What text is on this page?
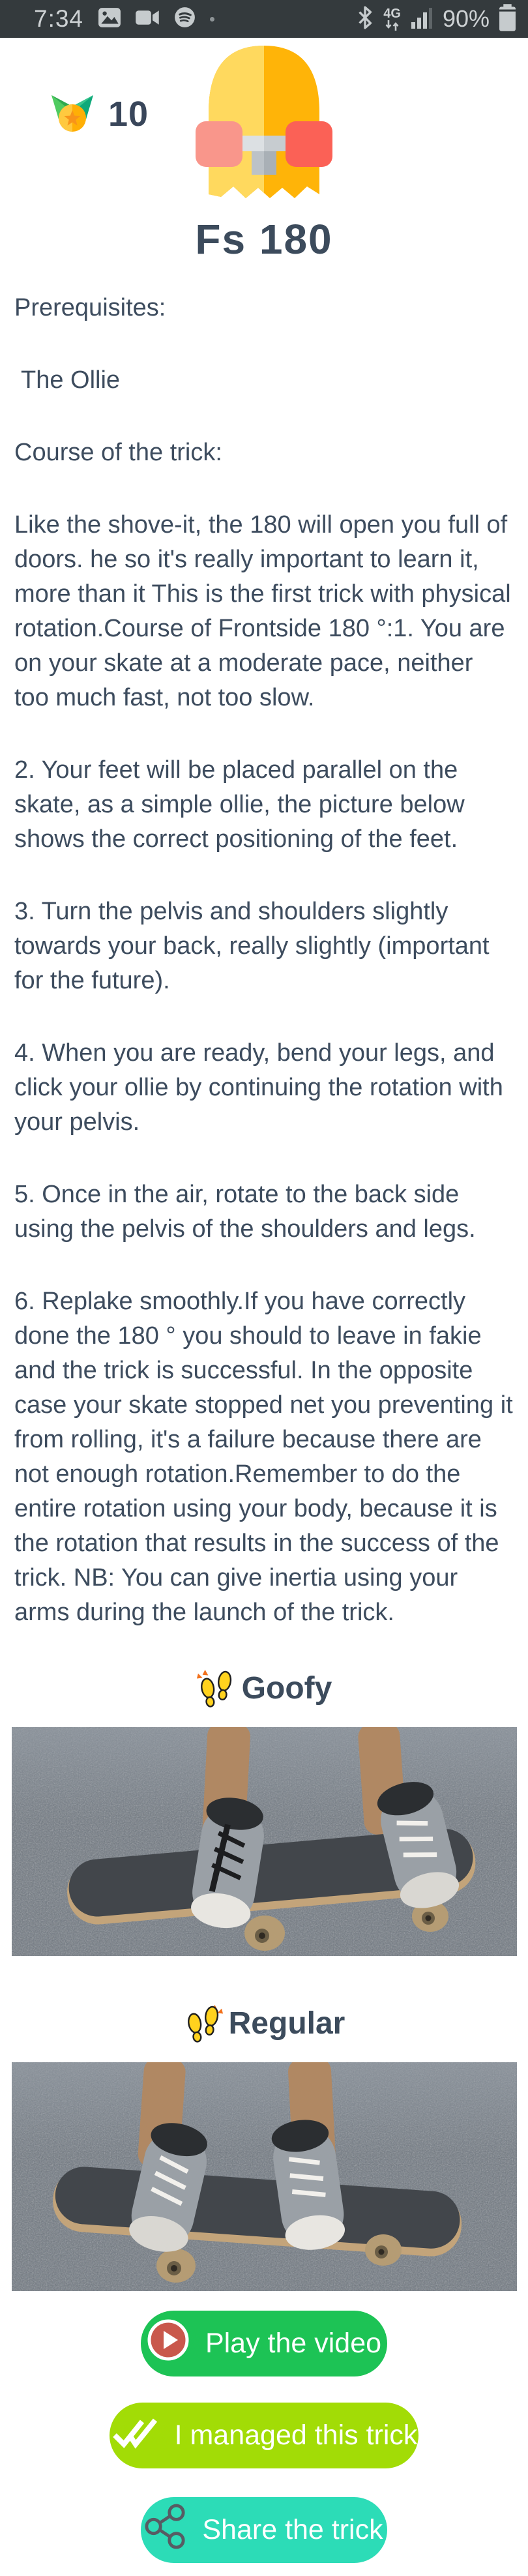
7:34	4G 90%
10
Fs 180

Prerequisites:

The Ollie

Course of the trick:

Like the shove-it, the 180 will open you full of doors. he so it's really important to learn it, more than it This is the first trick with physical rotation.Course of Frontside 180 °:1. You are on your skate at a moderate pace, neither too much fast, not too slow.

2. Your feet will be placed parallel on the skate, as a simple ollie, the picture below shows the correct positioning of the feet.

3. Turn the pelvis and shoulders slightly towards your back, really slightly (important for the future).

4. When you are ready, bend your legs, and click your ollie by continuing the rotation with your pelvis.

5. Once in the air, rotate to the back side using the pelvis of the shoulders and legs.

6. Replake smoothly.If you have correctly done the 180 ° you should to leave in fakie and the trick is successful. In the opposite case your skate stopped net you preventing it from rolling, it's a failure because there are not enough rotation.Remember to do the entire rotation using your body, because it is the rotation that results in the success of the trick. NB: You can give inertia using your arms during the launch of the trick.

Goofy
Regular
Play the video
I managed this trick
Share the trick
